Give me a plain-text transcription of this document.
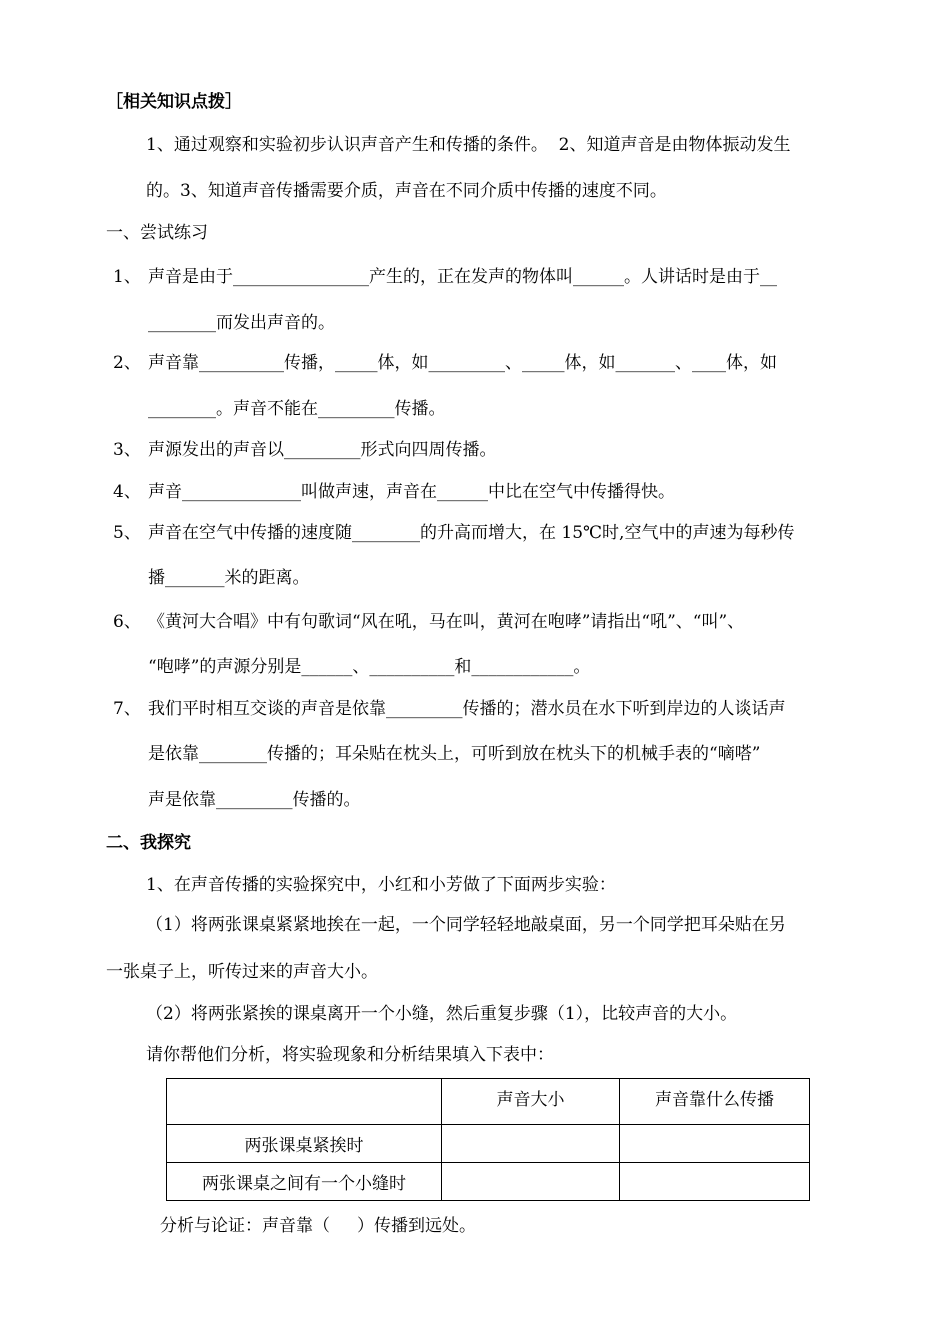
［相关知识点拨］
1、通过观察和实验初步认识声音产生和传播的条件。  2、知道声音是由物体振动发生
的。3、知道声音传播需要介质，声音在不同介质中传播的速度不同。
一、尝试练习
1、 声音是由于________________产生的，正在发声的物体叫______。人讲话时是由于__
________而发出声音的。
2、 声音靠__________传播，_____体，如_________、_____体，如_______、____体，如
________。声音不能在_________传播。
3、 声源发出的声音以_________形式向四周传播。
4、 声音______________叫做声速，声音在______中比在空气中传播得快。
5、 声音在空气中传播的速度随________的升高而增大，在 15℃时,空气中的声速为每秒传
播_______米的距离。
6、 《黄河大合唱》中有句歌词“风在吼，马在叫，黄河在咆哮”请指出“吼”、“叫”、
“咆哮”的声源分别是______、__________和____________。
7、 我们平时相互交谈的声音是依靠_________传播的；潜水员在水下听到岸边的人谈话声
是依靠________传播的；耳朵贴在枕头上，可听到放在枕头下的机械手表的“嘀嗒”
声是依靠_________传播的。
二、我探究
1、在声音传播的实验探究中，小红和小芳做了下面两步实验：
（1）将两张课桌紧紧地挨在一起，一个同学轻轻地敲桌面，另一个同学把耳朵贴在另
一张桌子上，听传过来的声音大小。
（2）将两张紧挨的课桌离开一个小缝，然后重复步骤（1），比较声音的大小。
请你帮他们分析，将实验现象和分析结果填入下表中：
	声音大小	声音靠什么传播
两张课桌紧挨时		
两张课桌之间有一个小缝时		
分析与论证：声音靠（     ）传播到远处。
